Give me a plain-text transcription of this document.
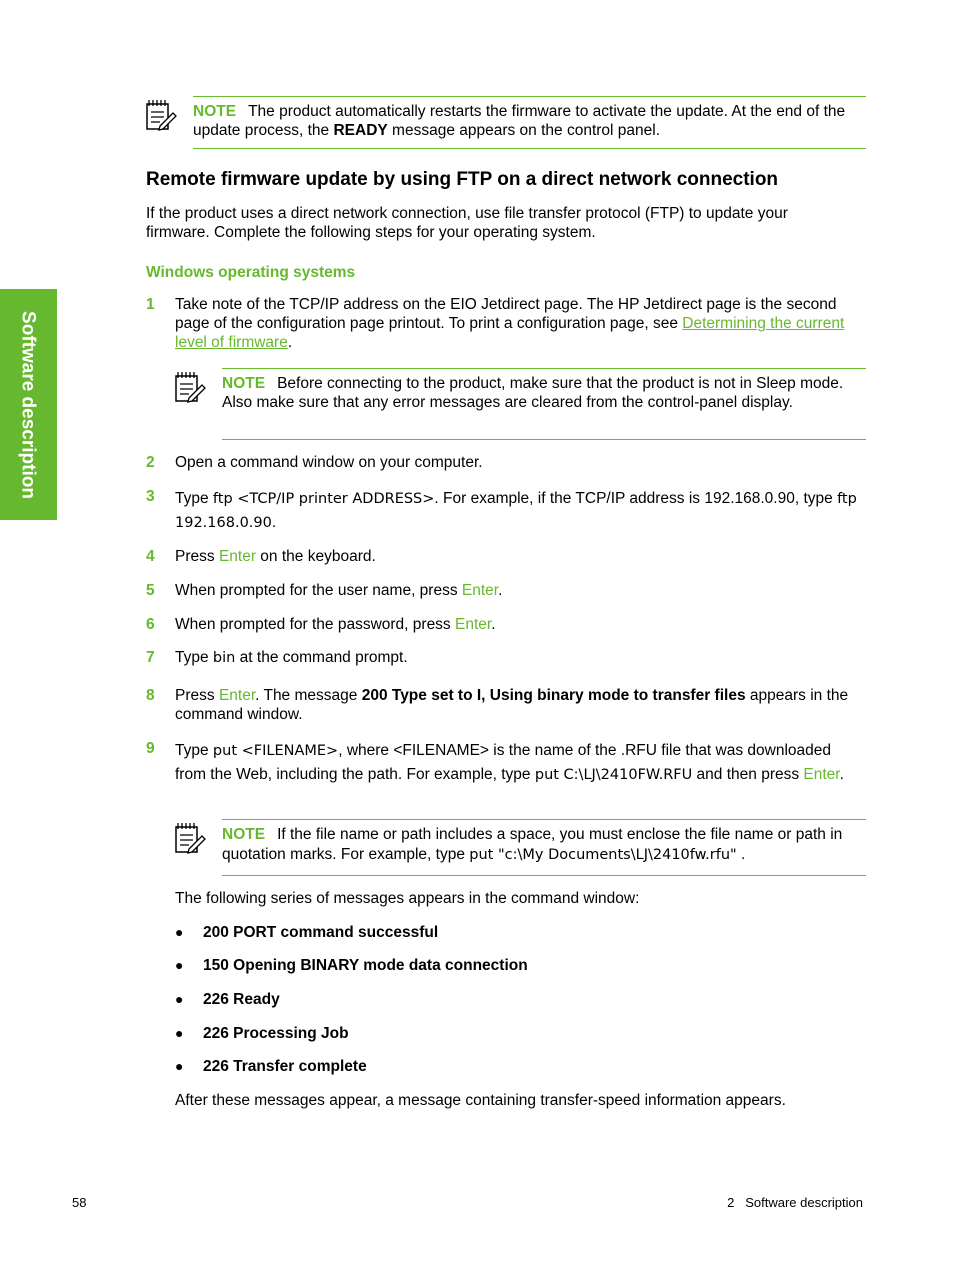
Software description
NOTE The product automatically restarts the firmware to activate the update. At the end of the update process, the READY message appears on the control panel.
Remote firmware update by using FTP on a direct network connection
If the product uses a direct network connection, use file transfer protocol (FTP) to update your firmware. Complete the following steps for your operating system.
Windows operating systems
1 Take note of the TCP/IP address on the EIO Jetdirect page. The HP Jetdirect page is the second page of the configuration page printout. To print a configuration page, see Determining the current level of firmware.
NOTE Before connecting to the product, make sure that the product is not in Sleep mode. Also make sure that any error messages are cleared from the control-panel display.
2 Open a command window on your computer.
3 Type ftp <TCP/IP printer ADDRESS>. For example, if the TCP/IP address is 192.168.0.90, type ftp 192.168.0.90.
4 Press Enter on the keyboard.
5 When prompted for the user name, press Enter.
6 When prompted for the password, press Enter.
7 Type bin at the command prompt.
8 Press Enter. The message 200 Type set to I, Using binary mode to transfer files appears in the command window.
9 Type put <FILENAME>, where <FILENAME> is the name of the .RFU file that was downloaded from the Web, including the path. For example, type put C:\LJ\2410FW.RFU and then press Enter.
NOTE If the file name or path includes a space, you must enclose the file name or path in quotation marks. For example, type put "c:\My Documents\LJ\2410fw.rfu" .
The following series of messages appears in the command window:
● 200 PORT command successful
● 150 Opening BINARY mode data connection
● 226 Ready
● 226 Processing Job
● 226 Transfer complete
After these messages appear, a message containing transfer-speed information appears.
58	2   Software description
